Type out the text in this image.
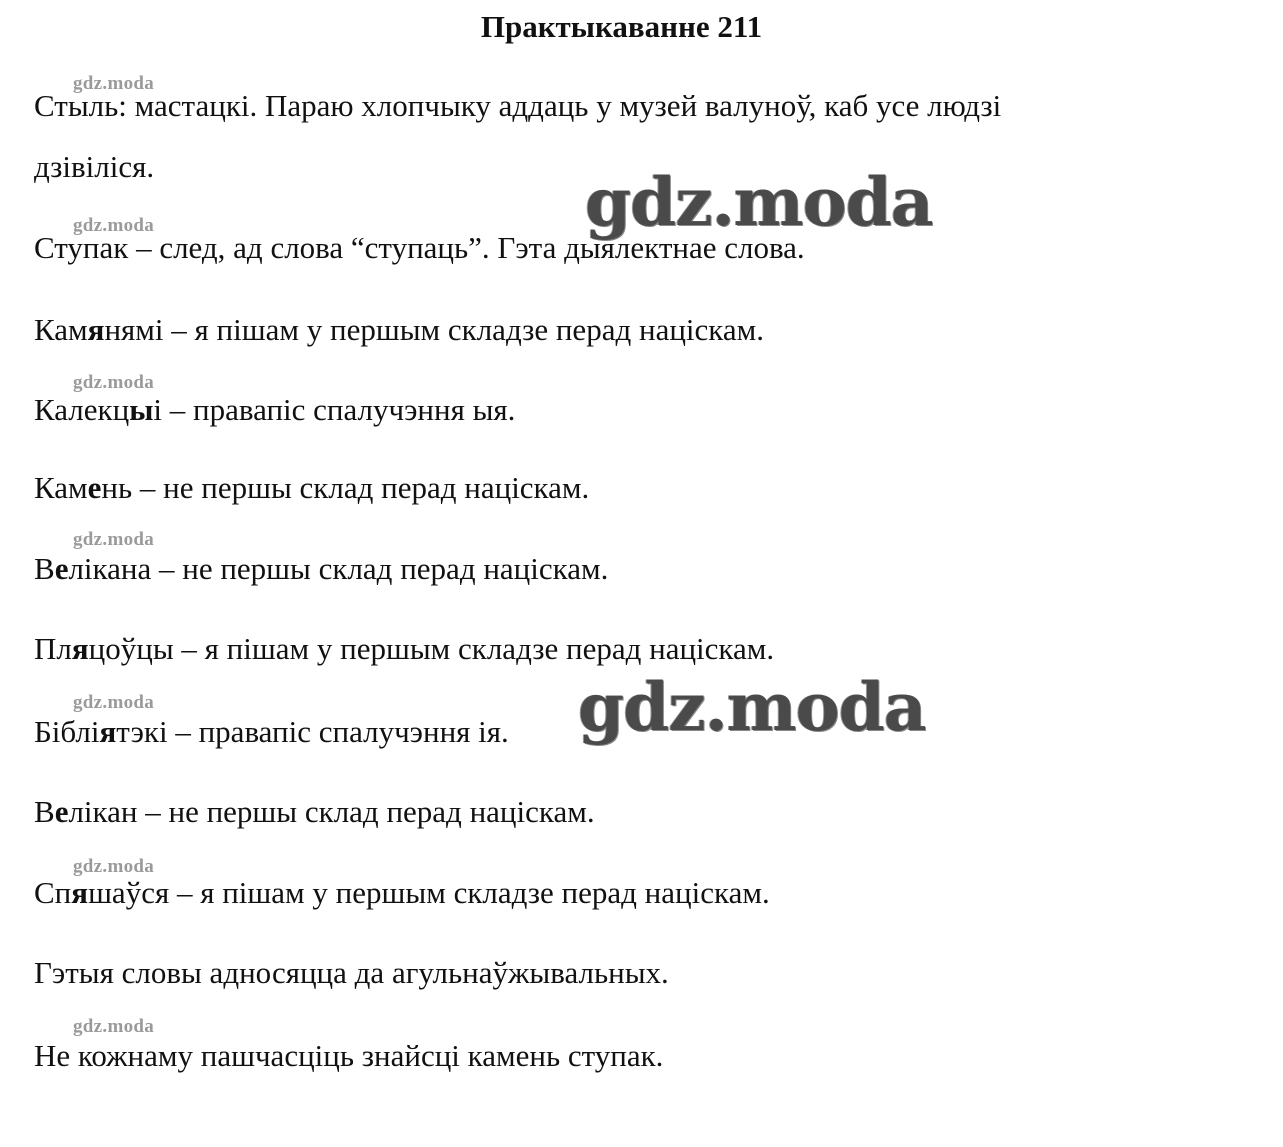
Практыкаванне 211
gdz.moda
gdz.moda
gdz.moda
gdz.moda
gdz.moda
gdz.moda
gdz.moda

Стыль: мастацкі. Параю хлопчыку аддаць у музей валуноў, каб усе людзі

дзівіліся.

Ступак – след, ад слова “ступаць”. Гэта дыялектнае слова.

Камянямі – я пішам у першым складзе перад націскам.

Калекцыі – правапіс спалучэння ыя.

Камень – не першы склад перад націскам.

Велікана – не першы склад перад націскам.

Пляцоўцы – я пішам у першым складзе перад націскам.

Бібліятэкі – правапіс спалучэння ія.

Велікан – не першы склад перад націскам.

Спяшаўся – я пішам у першым складзе перад націскам.

Гэтыя словы адносяцца да агульнаўжывальных.

Не кожнаму пашчасціць знайсці камень ступак.

gdz.moda
gdz.moda
